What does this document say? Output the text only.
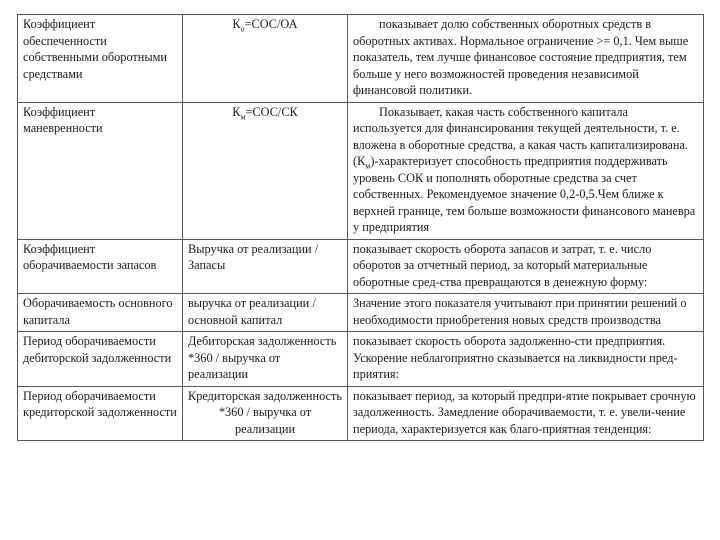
Коэффициент обеспеченности собственными оборотными средствами	$К_о=СОС/ОА$	показывает долю собственных оборотных средств в оборотных активах. Нормальное ограничение >= 0,1. Чем выше показатель, тем лучше финансовое состояние предприятия, тем больше у него возможностей проведения независимой финансовой политики.
Коэффициент маневренности	$К_м=СОС/СК$	Показывает, какая часть собственного капитала используется для финансирования текущей деятельности, т. е. вложена в оборотные средства, а какая часть капитализирована. $(К_м)$-характеризует способность предприятия поддерживать уровень СОК и пополнять оборотные средства за счет собственных. Рекомендуемое значение 0,2-0,5.Чем ближе к верхней границе, тем больше возможности финансового маневра у предприятия
Коэффициент оборачиваемости запасов	Выручка от реализации /Запасы	показывает скорость оборота запасов и затрат, т. е. число оборотов за отчетный период, за который материальные оборотные сред-ства превращаются в денежную форму:
Оборачиваемость основного капитала	выручка от реализации / основной капитал	Значение этого показателя учитывают при принятии решений о необходимости приобретения новых средств производства
Период оборачиваемости дебиторской задолженности	Дебиторская задолженность *360 / выручка от реализации	показывает скорость оборота задолженно-сти предприятия. Ускорение неблагоприятно сказывается на ликвидности пред-приятия:
Период оборачиваемости кредиторской задолженности	Кредиторская задолженность *360 / выручка от реализации	показывает период, за который предпри-ятие покрывает срочную задолженность. Замедление оборачиваемости, т. е. увели-чение периода, характеризуется как благо-приятная тенденция:
